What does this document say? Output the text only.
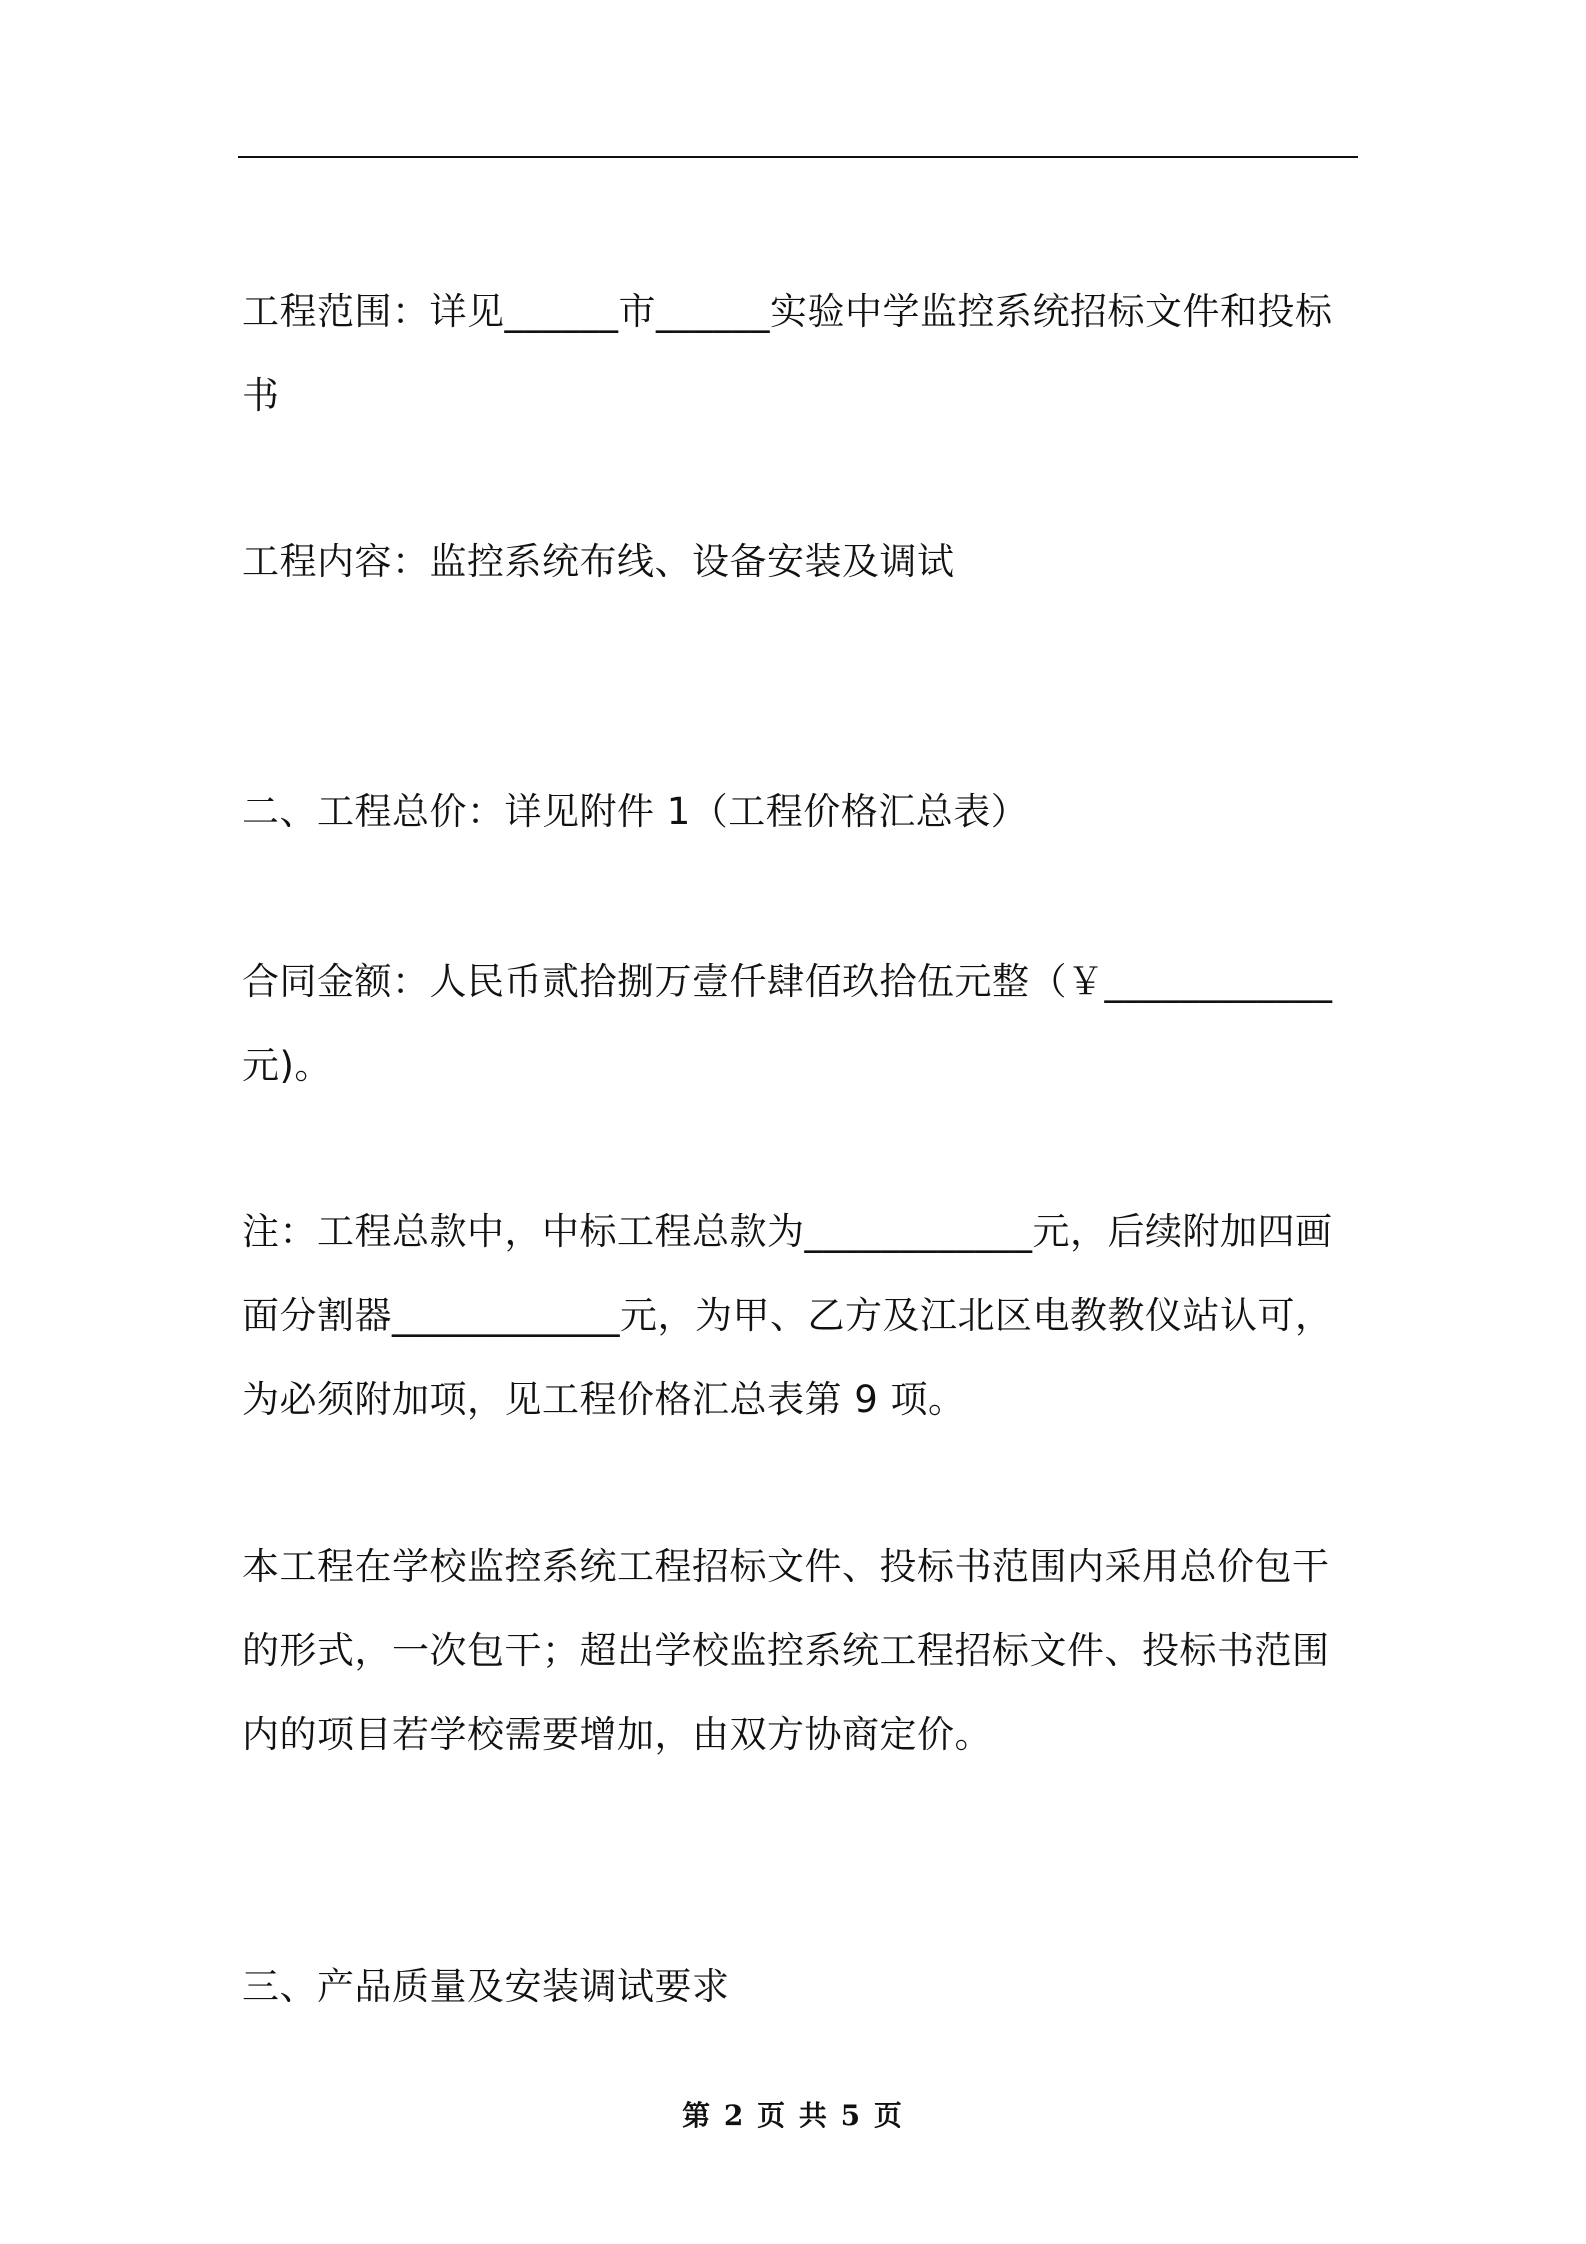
工程范围：详见______市______实验中学监控系统招标文件和投标书
工程内容：监控系统布线、设备安装及调试
二、工程总价：详见附件 1（工程价格汇总表）
合同金额：人民币贰拾捌万壹仟肆佰玖拾伍元整（￥____________元)。
注：工程总款中，中标工程总款为____________元，后续附加四画面分割器____________元，为甲、乙方及江北区电教教仪站认可，为必须附加项，见工程价格汇总表第 9 项。
本工程在学校监控系统工程招标文件、投标书范围内采用总价包干的形式，一次包干；超出学校监控系统工程招标文件、投标书范围内的项目若学校需要增加，由双方协商定价。
三、产品质量及安装调试要求
第 2 页 共 5 页
